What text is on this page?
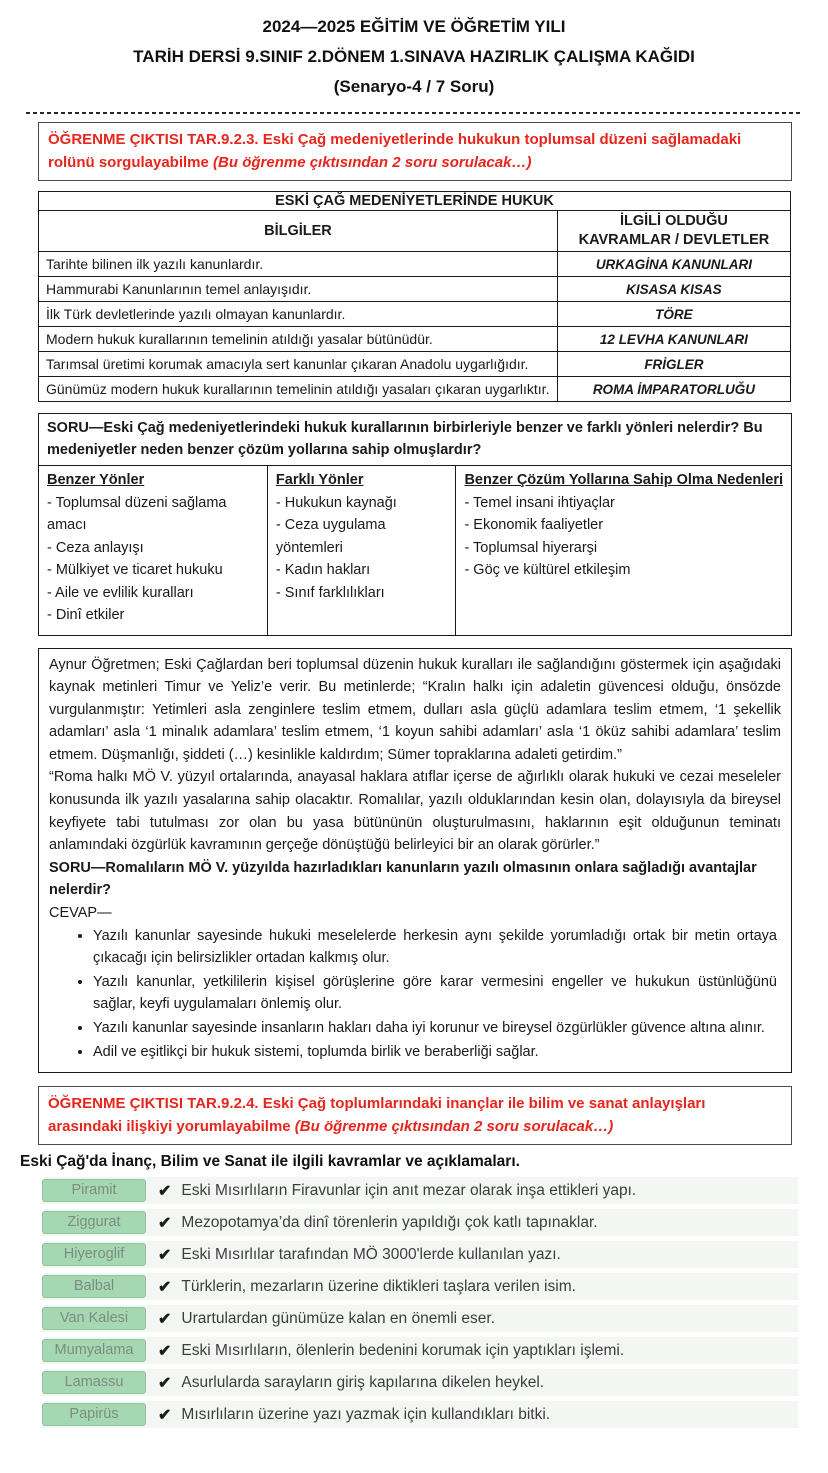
2024—2025 EĞİTİM VE ÖĞRETİM YILI
TARİH DERSİ 9.SINIF 2.DÖNEM 1.SINAVA HAZIRLIK ÇALIŞMA KAĞIDI
(Senaryo-4 / 7 Soru)
ÖĞRENME ÇIKTISI TAR.9.2.3. Eski Çağ medeniyetlerinde hukukun toplumsal düzeni sağlamadaki rolünü sorgulayabilme (Bu öğrenme çıktısından 2 soru sorulacak…)
ESKİ ÇAĞ MEDENİYETLERİNDE HUKUK	
BİLGİLER	İLGİLİ OLDUĞU
KAVRAMLAR / DEVLETLER
Tarihte bilinen ilk yazılı kanunlardır.	URKAGİNA KANUNLARI
Hammurabi Kanunlarının temel anlayışıdır.	KISASA KISAS
İlk Türk devletlerinde yazılı olmayan kanunlardır.	TÖRE
Modern hukuk kurallarının temelinin atıldığı yasalar bütünüdür.	12 LEVHA KANUNLARI
Tarımsal üretimi korumak amacıyla sert kanunlar çıkaran Anadolu uygarlığıdır.	FRİGLER
Günümüz modern hukuk kurallarının temelinin atıldığı yasaları çıkaran uygarlıktır.	ROMA İMPARATORLUĞU
SORU—Eski Çağ medeniyetlerindeki hukuk kurallarının birbirleriyle benzer ve farklı yönleri nelerdir? Bu medeniyetler neden benzer çözüm yollarına sahip olmuşlardır?
Benzer Yönler
- Toplumsal düzeni sağlama amacı
- Ceza anlayışı
- Mülkiyet ve ticaret hukuku
- Aile ve evlilik kuralları
- Dinî etkiler
Farklı Yönler
- Hukukun kaynağı
- Ceza uygulama yöntemleri
- Kadın hakları
- Sınıf farklılıkları
Benzer Çözüm Yollarına Sahip Olma Nedenleri
- Temel insani ihtiyaçlar
- Ekonomik faaliyetler
- Toplumsal hiyerarşi
- Göç ve kültürel etkileşim

Aynur Öğretmen; Eski Çağlardan beri toplumsal düzenin hukuk kuralları ile sağlandığını göstermek için aşağıdaki kaynak metinleri Timur ve Yeliz’e verir. Bu metinlerde; “Kralın halkı için adaletin güvencesi olduğu, önsözde vurgulanmıştır: Yetimleri asla zenginlere teslim etmem, dulları asla güçlü adamlara teslim etmem, ‘1 şekellik adamları’ asla ‘1 minalık adamlara’ teslim etmem, ‘1 koyun sahibi adamları’ asla ‘1 öküz sahibi adamlara’ teslim etmem. Düşmanlığı, şiddeti (…) kesinlikle kaldırdım; Sümer topraklarına adaleti getirdim.”

“Roma halkı MÖ V. yüzyıl ortalarında, anayasal haklara atıflar içerse de ağırlıklı olarak hukuki ve cezai meseleler konusunda ilk yazılı yasalarına sahip olacaktır. Romalılar, yazılı olduklarından kesin olan, dolayısıyla da bireysel keyfiyete tabi tutulması zor olan bu yasa bütününün oluşturulmasını, haklarının eşit olduğunun teminatı anlamındaki özgürlük kavramının gerçeğe dönüştüğü belirleyici bir an olarak görürler.”

SORU—Romalıların MÖ V. yüzyılda hazırladıkları kanunların yazılı olmasının onlara sağladığı avantajlar nelerdir?

CEVAP—

• Yazılı kanunlar sayesinde hukuki meselelerde herkesin aynı şekilde yorumladığı ortak bir metin ortaya çıkacağı için belirsizlikler ortadan kalkmış olur.
• Yazılı kanunlar, yetkililerin kişisel görüşlerine göre karar vermesini engeller ve hukukun üstünlüğünü sağlar, keyfi uygulamaları önlemiş olur.
• Yazılı kanunlar sayesinde insanların hakları daha iyi korunur ve bireysel özgürlükler güvence altına alınır.
• Adil ve eşitlikçi bir hukuk sistemi, toplumda birlik ve beraberliği sağlar.
ÖĞRENME ÇIKTISI TAR.9.2.4. Eski Çağ toplumlarındaki inançlar ile bilim ve sanat anlayışları arasındaki ilişkiyi yorumlayabilme (Bu öğrenme çıktısından 2 soru sorulacak…)
Eski Çağ'da İnanç, Bilim ve Sanat ile ilgili kavramlar ve açıklamaları.
Piramit	✔ Eski Mısırlıların Firavunlar için anıt mezar olarak inşa ettikleri yapı.
Ziggurat	✔ Mezopotamya’da dinî törenlerin yapıldığı çok katlı tapınaklar.
Hiyeroglif	✔ Eski Mısırlılar tarafından MÖ 3000'lerde kullanılan yazı.
Balbal	✔ Türklerin, mezarların üzerine diktikleri taşlara verilen isim.
Van Kalesi	✔ Urartulardan günümüze kalan en önemli eser.
Mumyalama	✔ Eski Mısırlıların, ölenlerin bedenini korumak için yaptıkları işlemi.
Lamassu	✔ Asurlularda sarayların giriş kapılarına dikelen heykel.
Papirüs	✔ Mısırlıların üzerine yazı yazmak için kullandıkları bitki.
